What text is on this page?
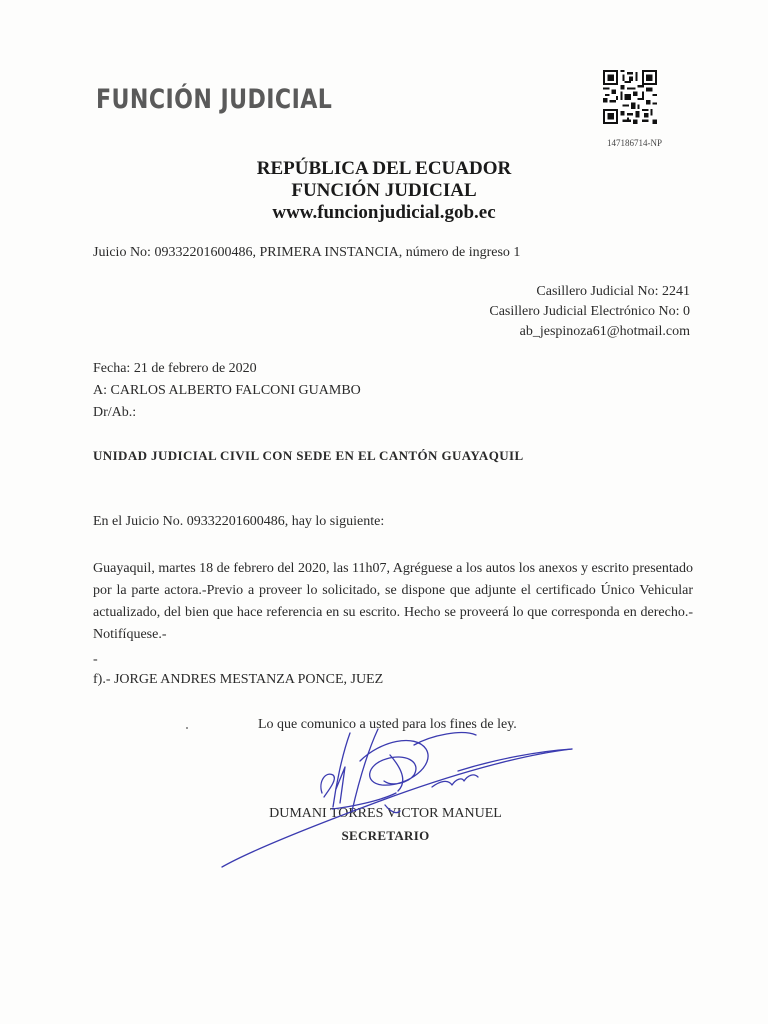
FUNCIÓN JUDICIAL
147186714-NP
REPÚBLICA DEL ECUADOR
FUNCIÓN JUDICIAL
www.funcionjudicial.gob.ec
Juicio No: 09332201600486, PRIMERA INSTANCIA, número de ingreso 1
Casillero Judicial No: 2241
Casillero Judicial Electrónico No: 0
ab_jespinoza61@hotmail.com
Fecha: 21 de febrero de 2020
A: CARLOS ALBERTO FALCONI GUAMBO
Dr/Ab.:
UNIDAD JUDICIAL CIVIL CON SEDE EN EL CANTÓN GUAYAQUIL
En el Juicio No. 09332201600486, hay lo siguiente:
Guayaquil, martes 18 de febrero del 2020, las 11h07, Agréguese a los autos los anexos y escrito presentado por la parte actora.-Previo a proveer lo solicitado, se dispone que adjunte el certificado Único Vehicular actualizado, del bien que hace referencia en su escrito. Hecho se proveerá lo que corresponda en derecho.-Notifíquese.-
-
f).- JORGE ANDRES MESTANZA PONCE, JUEZ
Lo que comunico a usted para los fines de ley.
DUMANI TORRES VICTOR MANUEL
SECRETARIO
